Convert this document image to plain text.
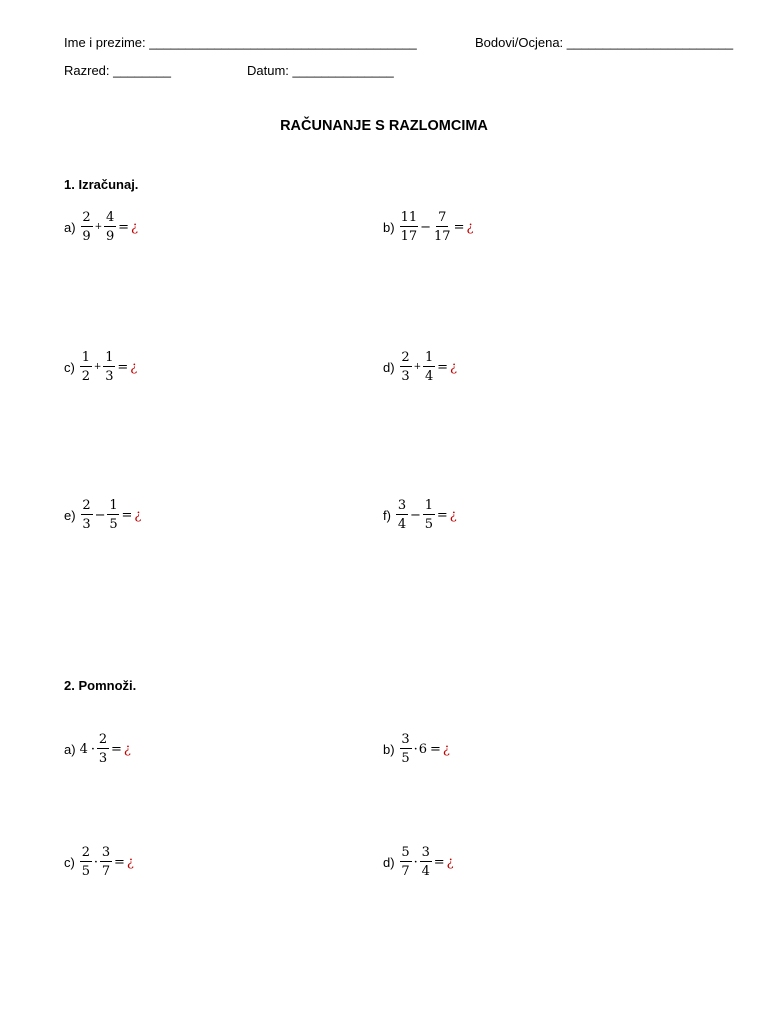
Ime i prezime: _____________________________________	Bodovi/Ocjena: _______________________
Razred: ________	Datum: ______________
RAČUNANJE S RAZLOMCIMA
1. Izračunaj.
$a) \frac{2}{9} + \frac{4}{9}$ = ¿	$b) \frac{11}{17} - \frac{7}{17}$ = ¿
$c) \frac{1}{2} + \frac{1}{3}$ = ¿	$d) \frac{2}{3} + \frac{1}{4}$ = ¿
$e) \frac{2}{3} - \frac{1}{5}$ = ¿	$f) \frac{3}{4} - \frac{1}{5}$ = ¿
2. Pomnoži.
a) $4 \cdot \frac{2}{3}$ = ¿	$b) \frac{3}{5} \cdot 6$ = ¿
$c) \frac{2}{5} \cdot \frac{3}{7}$ = ¿	$d) \frac{5}{7} \cdot \frac{3}{4}$ = ¿
